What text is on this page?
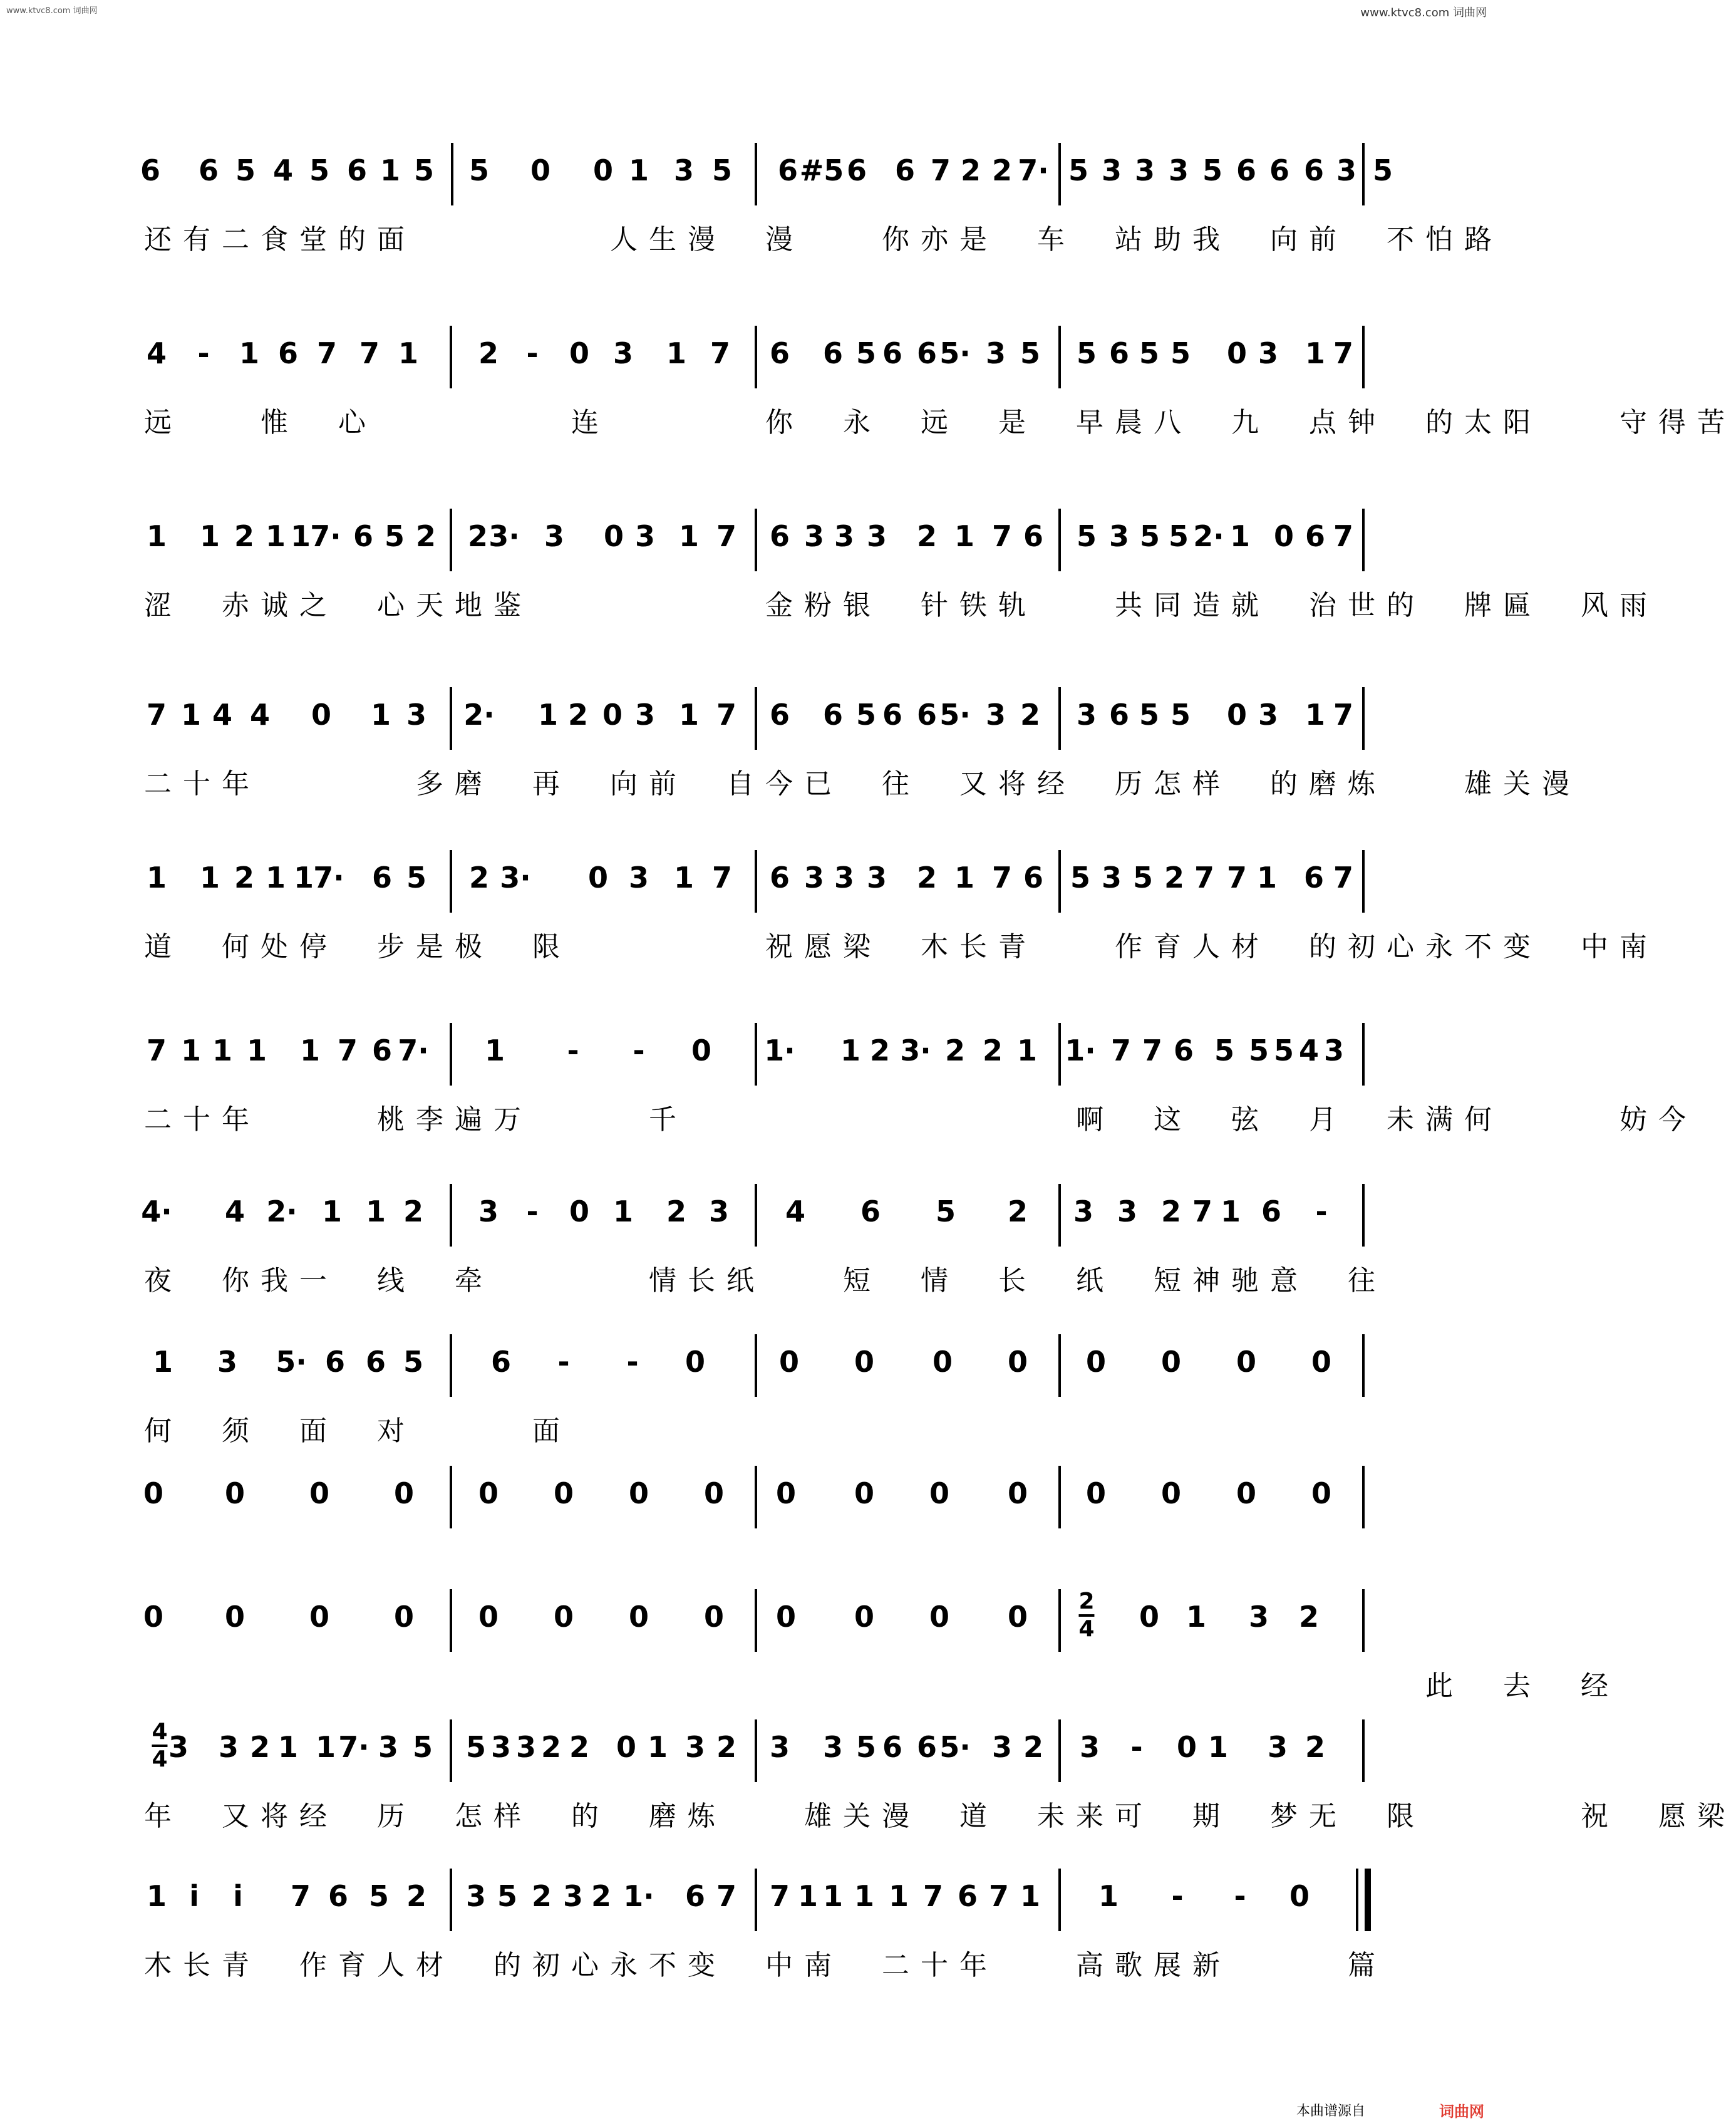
www.ktvc8.com 词曲网	www.ktvc8.com 词曲网
6 6 5 4 5 6 1 5 5 0 0 1 3 5 6 #5 6 6 7 2 2 7· 5 3 3 3 5 6 6 6 3 5
还有二食堂的面　　　　　人生漫　漫　　你亦是　车　站助我　向前　不怕路
4 - 1 6 7 7 1 2 - 0 3 1 7 6 6 5 6 6 5· 3 5 5 6 5 5 0 3 1 7
远　　惟　心　　　　　连　　　　你　永　远　是　早晨八　九　点钟　的太阳　　守得苦
1 1 2 1 1 7· 6 5 2 2 3· 3 0 3 1 7 6 3 3 3 2 1 7 6 5 3 5 5 2· 1 0 6 7
涩　赤诚之　心天地鉴　　　　　　金粉银　针铁轨　　共同造就　治世的　牌匾　风雨
7 1 4 4 0 1 3 2· 1 2 0 3 1 7 6 6 5 6 6 5· 3 2 3 6 5 5 0 3 1 7
二十年　　　　多磨　再　向前　自今已　往　又将经　历怎样　的磨炼　　雄关漫
1 1 2 1 1 7· 6 5 2 3· 0 3 1 7 6 3 3 3 2 1 7 6 5 3 5 2 7 7 1 6 7
道　何处停　步是极　限　　　　　祝愿梁　木长青　　作育人材　的初心永不变　中南
7 1 1 1 1 7 6 7· 1 - - 0 1· 1 2 3· 2 2 1 1· 7 7 6 5 5 5 4 3
二十年　　　桃李遍万　　　千　　　　　　　　　　啊　这　弦　月　未满何　　　妨今
4· 4 2· 1 1 2 3 - 0 1 2 3 4 6 5 2 3 3 2 7 1 6 -
夜　你我一　线　牵　　　　情长纸　　短　情　长　纸　短神驰意　往
1 3 5· 6 6 5 6 - - 0	0 0 0 0 0 0 0 0
何　须　面　对　　　面
0 0 0 0 0 0 0 0 0 0 0 0 0 0 0 0
0 0 0 0 0 0 0 0 0 0 0 0	0 1 3 2
2
4
　　　　　　　　　　　　　　　　　　　　　　　　　　　　　　　　　此　去　经
3 3 2 1 1 7· 3 5 5 3 3 2 2 0 1 3 2 3 3 5 6 6 5· 3 2 3 - 0 1 3 2
4
4
年　又将经　历　怎样　的　磨炼　　雄关漫　道　未来可　期　梦无　限　　　　祝　愿梁
1 i i 7 6 5 2 3 5 2 3 2 1· 6 7 7 1 1 1 1 7 6 7 1 1 - - 0
木长青　作育人材　的初心永不变　中南　二十年　　高歌展新　　　篇
本曲谱源自	词曲网
